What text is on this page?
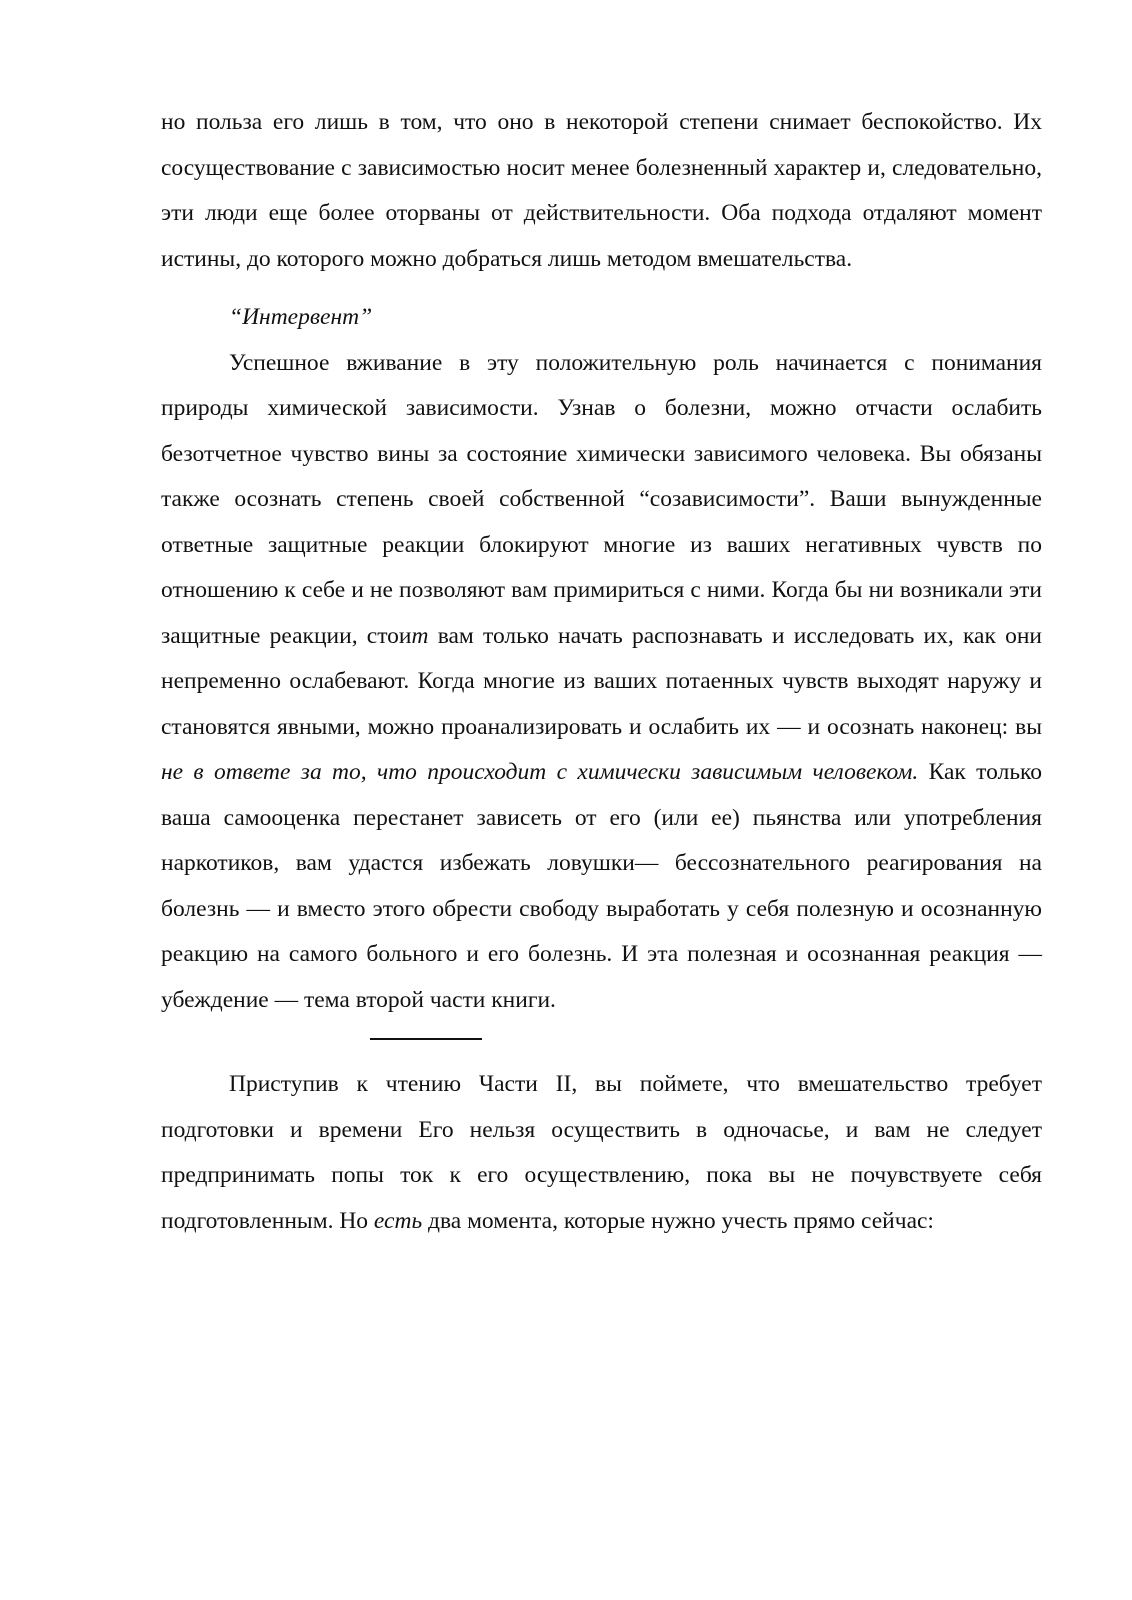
но польза его лишь в том, что оно в некоторой степени снимает беспокойство. Их сосуществование с зависимостью носит менее болезненный характер и, следовательно, эти люди еще более оторваны от действительности. Оба подхода отдаляют момент истины, до которого можно добраться лишь методом вмешательства.

“Интервент”

Успешное вживание в эту положительную роль начинается с понимания природы химической зависимости. Узнав о болезни, можно отчасти ослабить безотчетное чувство вины за состояние химически зависимого человека. Вы обязаны также осознать степень своей собственной “созависимости”. Ваши вынужденные ответные защитные реакции блокируют многие из ваших негативных чувств по отношению к себе и не позволяют вам примириться с ними. Когда бы ни возникали эти защитные реакции, стоит вам только начать распознавать и исследовать их, как они непременно ослабевают. Когда многие из ваших потаенных чувств выходят наружу и становятся явными, можно проанализировать и ослабить их — и осознать наконец: вы не в ответе за то, что происходит с химически зависимым человеком. Как только ваша самооценка перестанет зависеть от его (или ее) пьянства или употребления наркотиков, вам удастся избежать ловушки— бессознательного реагирования на болезнь — и вместо этого обрести свободу выработать у себя полезную и осознанную реакцию на самого больного и его болезнь. И эта полезная и осознанная реакция — убеждение — тема второй части книги.

Приступив к чтению Части II, вы поймете, что вмешательство требует подготовки и времени Его нельзя осуществить в одночасье, и вам не следует предпринимать попы ток к его осуществлению, пока вы не почувствуете себя подготовленным. Но есть два момента, которые нужно учесть прямо сейчас:
